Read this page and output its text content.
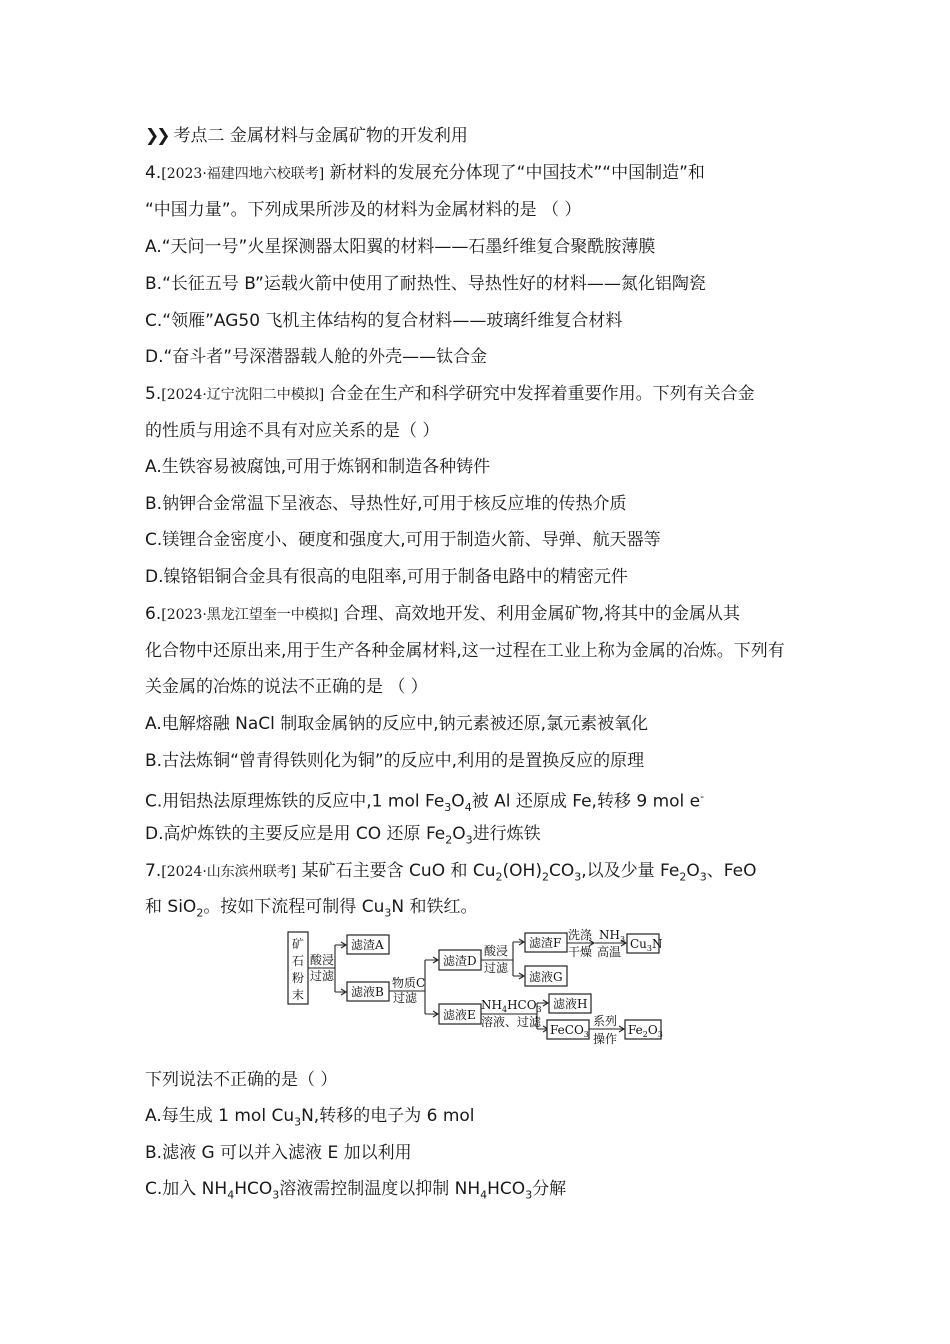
❯❯ 考点二 金属材料与金属矿物的开发利用
4.[2023·福建四地六校联考] 新材料的发展充分体现了“中国技术”“中国制造”和
“中国力量”。下列成果所涉及的材料为金属材料的是 （ ）
A.“天问一号”火星探测器太阳翼的材料——石墨纤维复合聚酰胺薄膜
B.“长征五号 B”运载火箭中使用了耐热性、导热性好的材料——氮化铝陶瓷
C.“领雁”AG50 飞机主体结构的复合材料——玻璃纤维复合材料
D.“奋斗者”号深潜器载人舱的外壳——钛合金
5.[2024·辽宁沈阳二中模拟] 合金在生产和科学研究中发挥着重要作用。下列有关合金
的性质与用途不具有对应关系的是（ ）
A.生铁容易被腐蚀,可用于炼钢和制造各种铸件
B.钠钾合金常温下呈液态、导热性好,可用于核反应堆的传热介质
C.镁锂合金密度小、硬度和强度大,可用于制造火箭、导弹、航天器等
D.镍铬铝铜合金具有很高的电阻率,可用于制备电路中的精密元件
6.[2023·黑龙江望奎一中模拟] 合理、高效地开发、利用金属矿物,将其中的金属从其
化合物中还原出来,用于生产各种金属材料,这一过程在工业上称为金属的冶炼。下列有
关金属的冶炼的说法不正确的是 （ ）
A.电解熔融 NaCl 制取金属钠的反应中,钠元素被还原,氯元素被氧化
B.古法炼铜“曾青得铁则化为铜”的反应中,利用的是置换反应的原理
C.用铝热法原理炼铁的反应中,1 mol $Fe_3O_4$被 Al 还原成 Fe,转移 9 mol e-
D.高炉炼铁的主要反应是用 CO 还原 $Fe_2O_3$进行炼铁
7.[2024·山东滨州联考] 某矿石主要含 CuO 和 $Cu_2(OH)_2CO_3$,以及少量 $Fe_2O_3$、FeO
和 SiO$_2$。按如下流程可制得 $Cu_3N$ 和铁红。
矿
石
粉
末
酸浸
过滤
滤渣A
滤液B
物质C
过滤
滤渣D
酸浸
过滤
滤渣F
滤液G
洗涤
干燥
$NH_3$
高温
$Cu_3N$
滤液E
$NH_4HCO_3$
溶液、过滤
滤液H
FeCO$_3$
系列
操作
$Fe_2O_3$
下列说法不正确的是（ ）
A.每生成 1 mol $Cu_3N$,转移的电子为 6 mol
B.滤液 G 可以并入滤液 E 加以利用
C.加入 $NH_4HCO_3$溶液需控制温度以抑制 $NH_4HCO_3$分解
